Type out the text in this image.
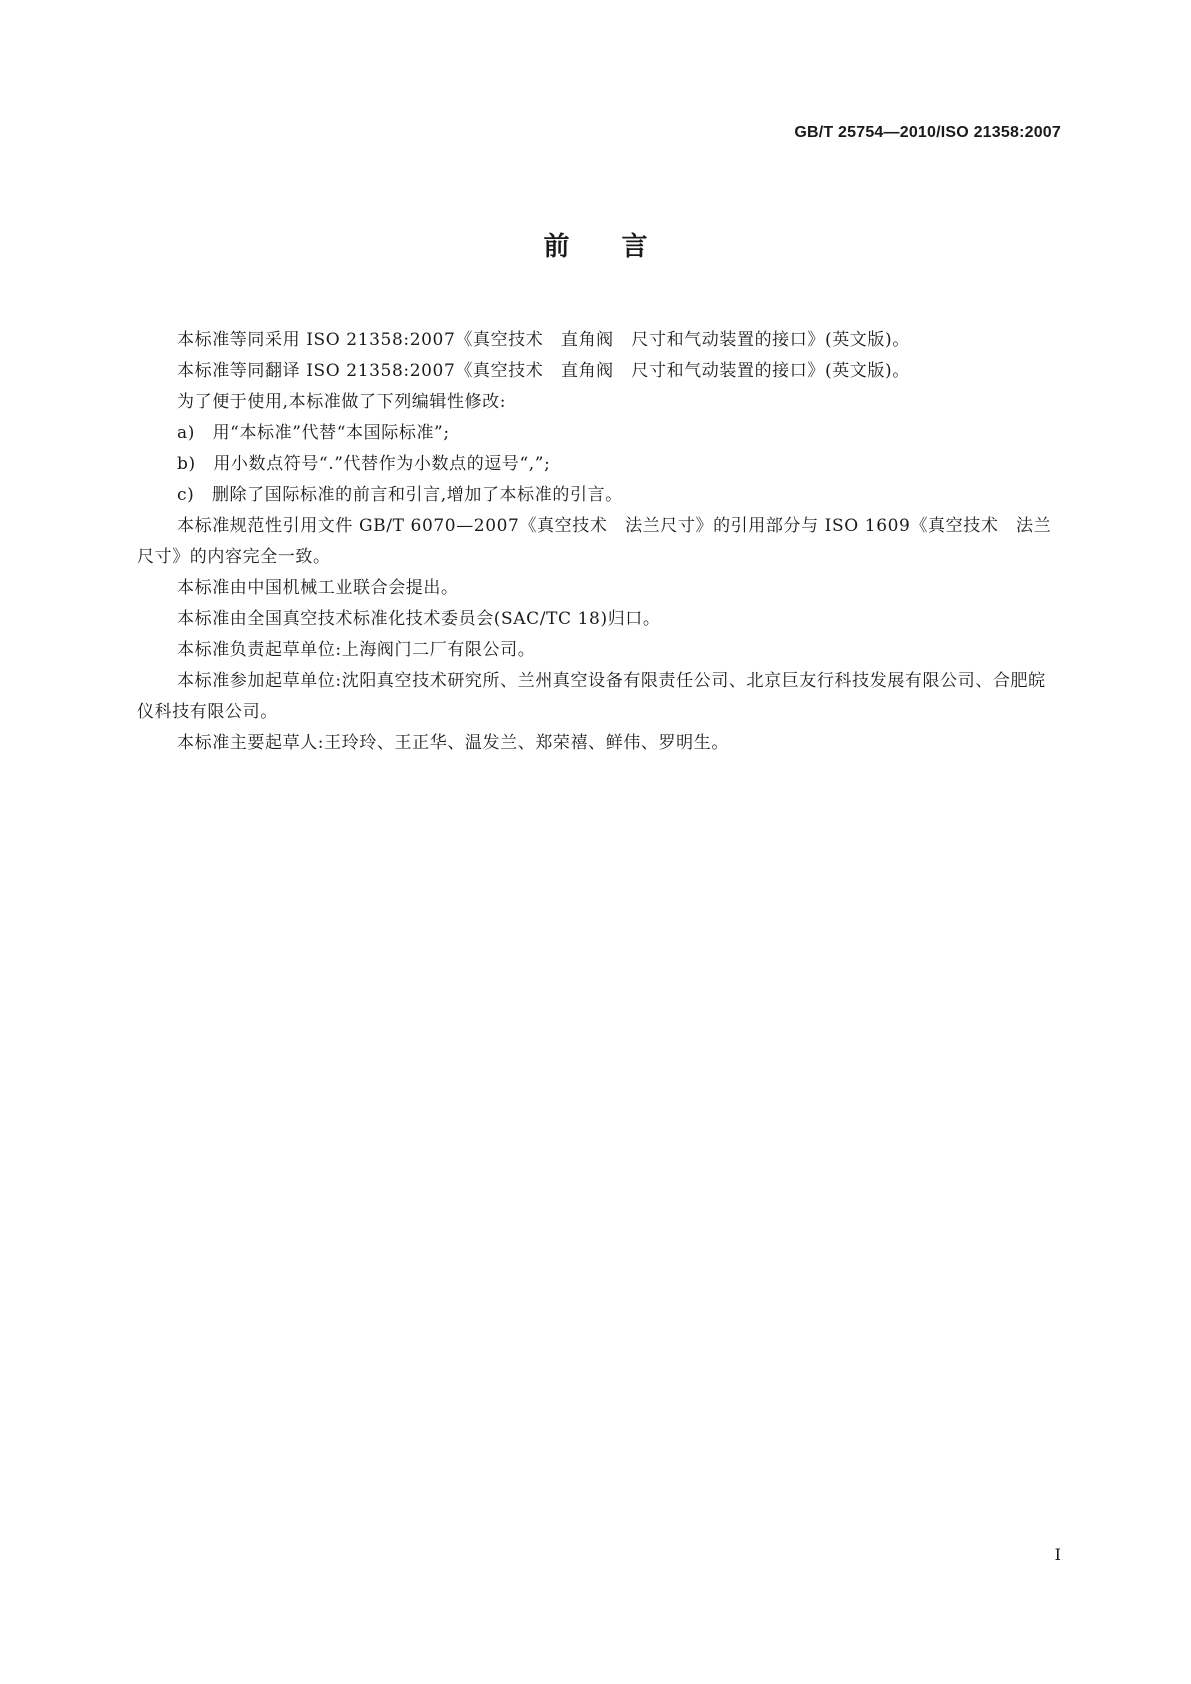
GB/T 25754—2010/ISO 21358:2007
前言

本标准等同采用 ISO 21358:2007《真空技术　直角阀　尺寸和气动装置的接口》(英文版)。

本标准等同翻译 ISO 21358:2007《真空技术　直角阀　尺寸和气动装置的接口》(英文版)。

为了便于使用,本标准做了下列编辑性修改:

a)　用“本标准”代替“本国际标准”;

b)　用小数点符号“.”代替作为小数点的逗号“,”;

c)　删除了国际标准的前言和引言,增加了本标准的引言。

本标准规范性引用文件 GB/T 6070—2007《真空技术　法兰尺寸》的引用部分与 ISO 1609《真空技术　法兰尺寸》的内容完全一致。

本标准由中国机械工业联合会提出。

本标准由全国真空技术标准化技术委员会(SAC/TC 18)归口。

本标准负责起草单位:上海阀门二厂有限公司。

本标准参加起草单位:沈阳真空技术研究所、兰州真空设备有限责任公司、北京巨友行科技发展有限公司、合肥皖仪科技有限公司。

本标准主要起草人:王玲玲、王正华、温发兰、郑荣禧、鲜伟、罗明生。

I
